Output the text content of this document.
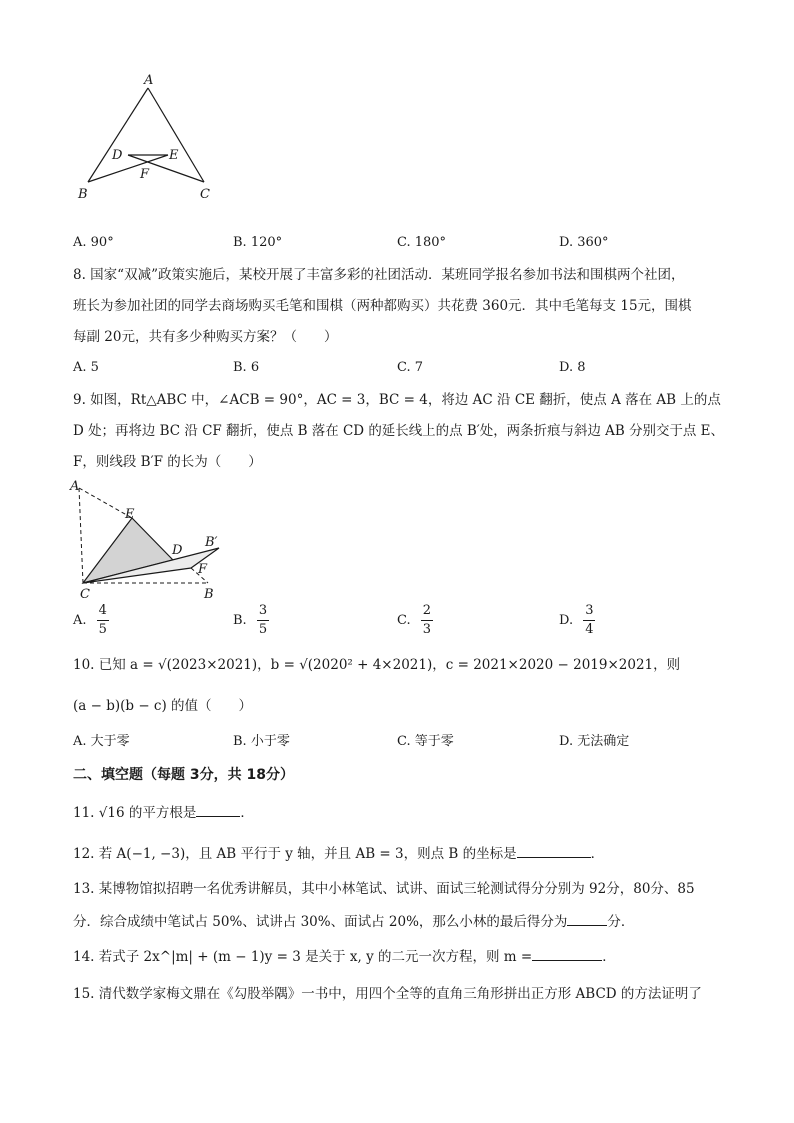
A
D	E
F
B	C
A. 90°	B. 120°	C. 180°	D. 360°
8. 国家“双减”政策实施后，某校开展了丰富多彩的社团活动．某班同学报名参加书法和围棋两个社团，
班长为参加社团的同学去商场购买毛笔和围棋（两种都购买）共花费 360元．其中毛笔每支 15元，围棋
每副 20元，共有多少种购买方案？（　　）
A. 5	B. 6	C. 7	D. 8
9. 如图，Rt△ABC 中，∠ACB = 90°，AC = 3，BC = 4，将边 AC 沿 CE 翻折，使点 A 落在 AB 上的点
D 处；再将边 BC 沿 CF 翻折，使点 B 落在 CD 的延长线上的点 B′处，两条折痕与斜边 AB 分别交于点 E、
F，则线段 B′F 的长为（　　）
A
E
D
B′
F
C	B
A. $\frac{4}{5}$	B. $\frac{3}{5}$	C. $\frac{2}{3}$	D. $\frac{3}{4}$
10. 已知 a = √(2023×2021)，b = √(2020² + 4×2021)，c = 2021×2020 − 2019×2021，则
(a − b)(b − c) 的值（　　）
A. 大于零	B. 小于零	C. 等于零	D. 无法确定
二、填空题（每题 3分，共 18分）
11. √16 的平方根是	．
12. 若 A(−1, −3)，且 AB 平行于 y 轴，并且 AB = 3，则点 B 的坐标是	．
13. 某博物馆拟招聘一名优秀讲解员，其中小林笔试、试讲、面试三轮测试得分分别为 92分，80分、85
分．综合成绩中笔试占 50%、试讲占 30%、面试占 20%，那么小林的最后得分为	分．
14. 若式子 2x^|m| + (m − 1)y = 3 是关于 x, y 的二元一次方程，则 m =	．
15. 清代数学家梅文鼎在《勾股举隅》一书中，用四个全等的直角三角形拼出正方形 ABCD 的方法证明了
